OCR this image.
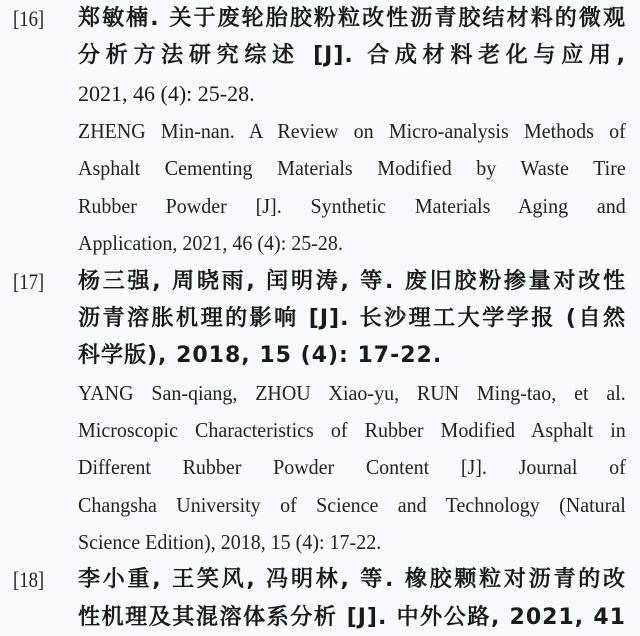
[16] 郑敏楠. 关于废轮胎胶粉粒改性沥青胶结材料的微观
分析方法研究综述 [J]. 合成材料老化与应用,
2021, 46 (4): 25-28.
ZHENG Min-nan. A Review on Micro-analysis Methods of
Asphalt Cementing Materials Modified by Waste Tire
Rubber Powder [J]. Synthetic Materials Aging and
Application, 2021, 46 (4): 25-28.
[17] 杨三强, 周晓雨, 闰明涛, 等. 废旧胶粉掺量对改性
沥青溶胀机理的影响 [J]. 长沙理工大学学报 (自然
科学版), 2018, 15 (4): 17-22.
YANG San-qiang, ZHOU Xiao-yu, RUN Ming-tao, et al.
Microscopic Characteristics of Rubber Modified Asphalt in
Different Rubber Powder Content [J]. Journal of
Changsha University of Science and Technology (Natural
Science Edition), 2018, 15 (4): 17-22.
[18] 李小重, 王笑风, 冯明林, 等. 橡胶颗粒对沥青的改
性机理及其混溶体系分析 [J]. 中外公路, 2021, 41
